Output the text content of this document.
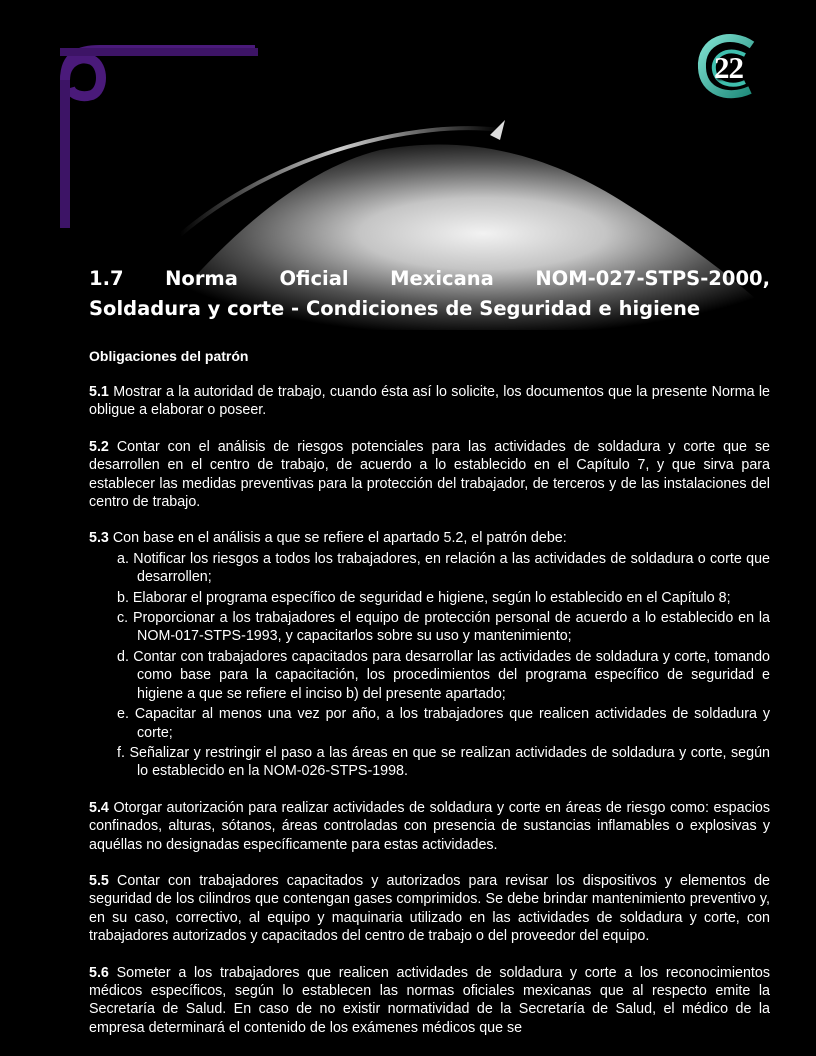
22
1.7 Norma Oficial Mexicana NOM-027-STPS-2000,

Soldadura y corte - Condiciones de Seguridad e higiene
Obligaciones del patrón

5.1 Mostrar a la autoridad de trabajo, cuando ésta así lo solicite, los documentos que la presente Norma le obligue a elaborar o poseer.

5.2 Contar con el análisis de riesgos potenciales para las actividades de soldadura y corte que se desarrollen en el centro de trabajo, de acuerdo a lo establecido en el Capítulo 7, y que sirva para establecer las medidas preventivas para la protección del trabajador, de terceros y de las instalaciones del centro de trabajo.

5.3 Con base en el análisis a que se refiere el apartado 5.2, el patrón debe:

a. Notificar los riesgos a todos los trabajadores, en relación a las actividades de soldadura o corte que desarrollen;
b. Elaborar el programa específico de seguridad e higiene, según lo establecido en el Capítulo 8;
c. Proporcionar a los trabajadores el equipo de protección personal de acuerdo a lo establecido en la NOM-017-STPS-1993, y capacitarlos sobre su uso y mantenimiento;
d. Contar con trabajadores capacitados para desarrollar las actividades de soldadura y corte, tomando como base para la capacitación, los procedimientos del programa específico de seguridad e higiene a que se refiere el inciso b) del presente apartado;
e. Capacitar al menos una vez por año, a los trabajadores que realicen actividades de soldadura y corte;
f. Señalizar y restringir el paso a las áreas en que se realizan actividades de soldadura y corte, según lo establecido en la NOM-026-STPS-1998.

5.4 Otorgar autorización para realizar actividades de soldadura y corte en áreas de riesgo como: espacios confinados, alturas, sótanos, áreas controladas con presencia de sustancias inflamables o explosivas y aquéllas no designadas específicamente para estas actividades.

5.5 Contar con trabajadores capacitados y autorizados para revisar los dispositivos y elementos de seguridad de los cilindros que contengan gases comprimidos. Se debe brindar mantenimiento preventivo y, en su caso, correctivo, al equipo y maquinaria utilizado en las actividades de soldadura y corte, con trabajadores autorizados y capacitados del centro de trabajo o del proveedor del equipo.

5.6 Someter a los trabajadores que realicen actividades de soldadura y corte a los reconocimientos médicos específicos, según lo establecen las normas oficiales mexicanas que al respecto emite la Secretaría de Salud. En caso de no existir normatividad de la Secretaría de Salud, el médico de la empresa determinará el contenido de los exámenes médicos que se
